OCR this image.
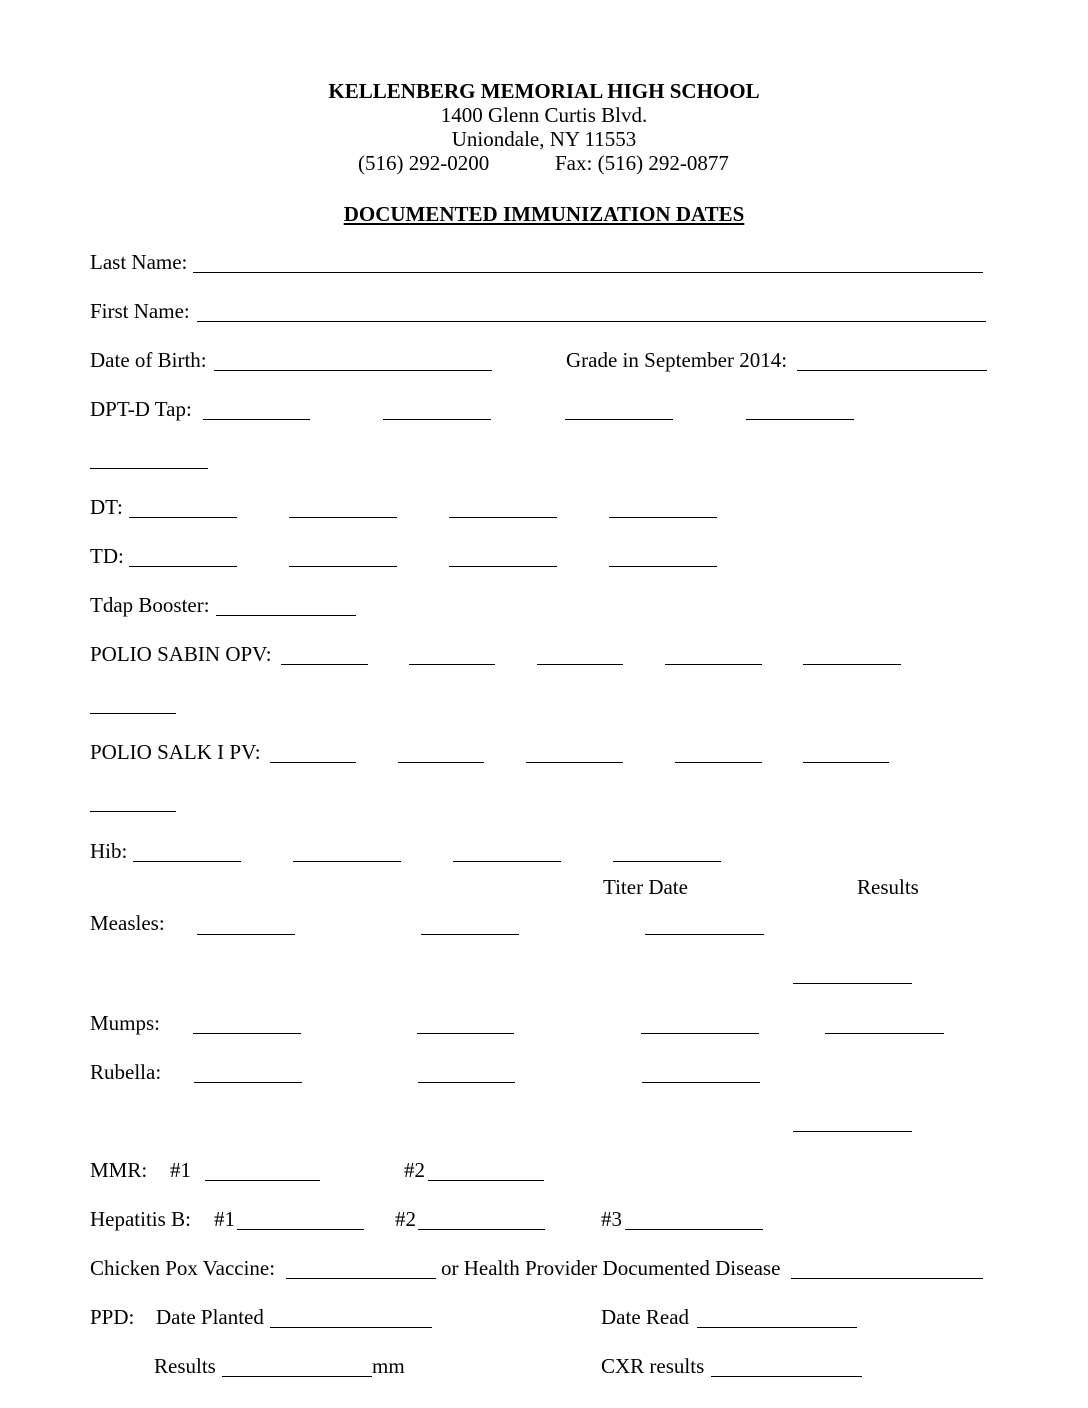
KELLENBERG MEMORIAL HIGH SCHOOL
1400 Glenn Curtis Blvd.
Uniondale, NY 11553
(516) 292-0200	Fax: (516) 292-0877
DOCUMENTED IMMUNIZATION DATES
Last Name:
First Name:
Date of Birth:	Grade in September 2014:
DPT-D Tap:
DT:
TD:
Tdap Booster:
POLIO SABIN OPV:
POLIO SALK I PV:
Hib:
Titer Date	Results
Measles:
Mumps:
Rubella:
MMR: #1	#2
Hepatitis B: #1	#2	#3
Chicken Pox Vaccine:	or Health Provider Documented Disease
PPD: Date Planted	Date Read
Results	mm	CXR results
